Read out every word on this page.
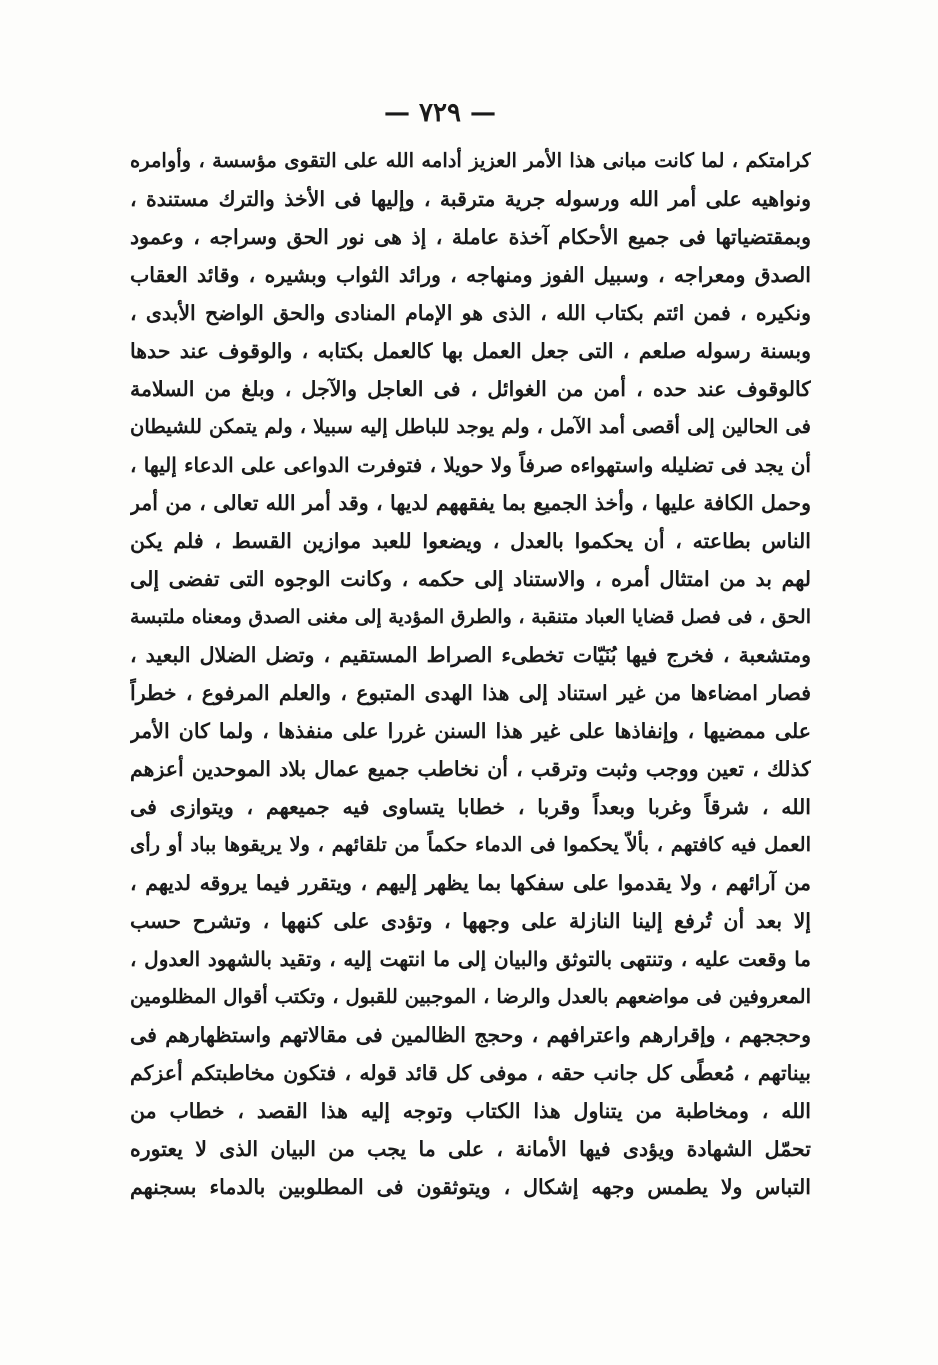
— ٧٢٩ —
كرامتكم ، لما كانت مبانى هذا الأمر العزيز أدامه الله على التقوى مؤسسة ، وأوامره
ونواهيه على أمر الله ورسوله جرية مترقبة ، وإليها فى الأخذ والترك مستندة ،
وبمقتضياتها فى جميع الأحكام آخذة عاملة ، إذ هى نور الحق وسراجه ، وعمود
الصدق ومعراجه ، وسبيل الفوز ومنهاجه ، ورائد الثواب وبشيره ، وقائد العقاب
ونكيره ، فمن ائتم بكتاب الله ، الذى هو الإمام المنادى والحق الواضح الأبدى ،
وبسنة رسوله صلعم ، التى جعل العمل بها كالعمل بكتابه ، والوقوف عند حدها
كالوقوف عند حده ، أمن من الغوائل ، فى العاجل والآجل ، وبلغ من السلامة
فى الحالين إلى أقصى أمد الآمل ، ولم يوجد للباطل إليه سبيلا ، ولم يتمكن للشيطان
أن يجد فى تضليله واستهواءه صرفاً ولا حويلا ، فتوفرت الدواعى على الدعاء إليها ،
وحمل الكافة عليها ، وأخذ الجميع بما يفقههم لديها ، وقد أمر الله تعالى ، من أمر
الناس بطاعته ، أن يحكموا بالعدل ، ويضعوا للعبد موازين القسط ، فلم يكن
لهم بد من امتثال أمره ، والاستناد إلى حكمه ، وكانت الوجوه التى تفضى إلى
الحق ، فى فصل قضايا العباد متنقبة ، والطرق المؤدية إلى مغنى الصدق ومعناه ملتبسة
ومتشعبة ، فخرج فيها بُنَيّات تخطىء الصراط المستقيم ، وتضل الضلال البعيد ،
فصار امضاءها من غير استناد إلى هذا الهدى المتبوع ، والعلم المرفوع ، خطراً
على ممضيها ، وإنفاذها على غير هذا السنن غررا على منفذها ، ولما كان الأمر
كذلك ، تعين ووجب وثبت وترقب ، أن نخاطب جميع عمال بلاد الموحدين أعزهم
الله ، شرقاً وغربا وبعداً وقربا ، خطابا يتساوى فيه جميعهم ، ويتوازى فى
العمل فيه كافتهم ، بألاّ يحكموا فى الدماء حكماً من تلقائهم ، ولا يريقوها بباد أو رأى
من آرائهم ، ولا يقدموا على سفكها بما يظهر إليهم ، ويتقرر فيما يروقه لديهم ،
إلا بعد أن تُرفع إلينا النازلة على وجهها ، وتؤدى على كنهها ، وتشرح حسب
ما وقعت عليه ، وتنتهى بالتوثق والبيان إلى ما انتهت إليه ، وتقيد بالشهود العدول ،
المعروفين فى مواضعهم بالعدل والرضا ، الموجبين للقبول ، وتكتب أقوال المظلومين
وحججهم ، وإقرارهم واعترافهم ، وحجج الظالمين فى مقالاتهم واستظهارهم فى
بيناتهم ، مُعطًى كل جانب حقه ، موفى كل قائد قوله ، فتكون مخاطبتكم أعزكم
الله ، ومخاطبة من يتناول هذا الكتاب وتوجه إليه هذا القصد ، خطاب من
تحمّل الشهادة ويؤدى فيها الأمانة ، على ما يجب من البيان الذى لا يعتوره
التباس ولا يطمس وجهه إشكال ، ويتوثقون فى المطلوبين بالدماء بسجنهم
